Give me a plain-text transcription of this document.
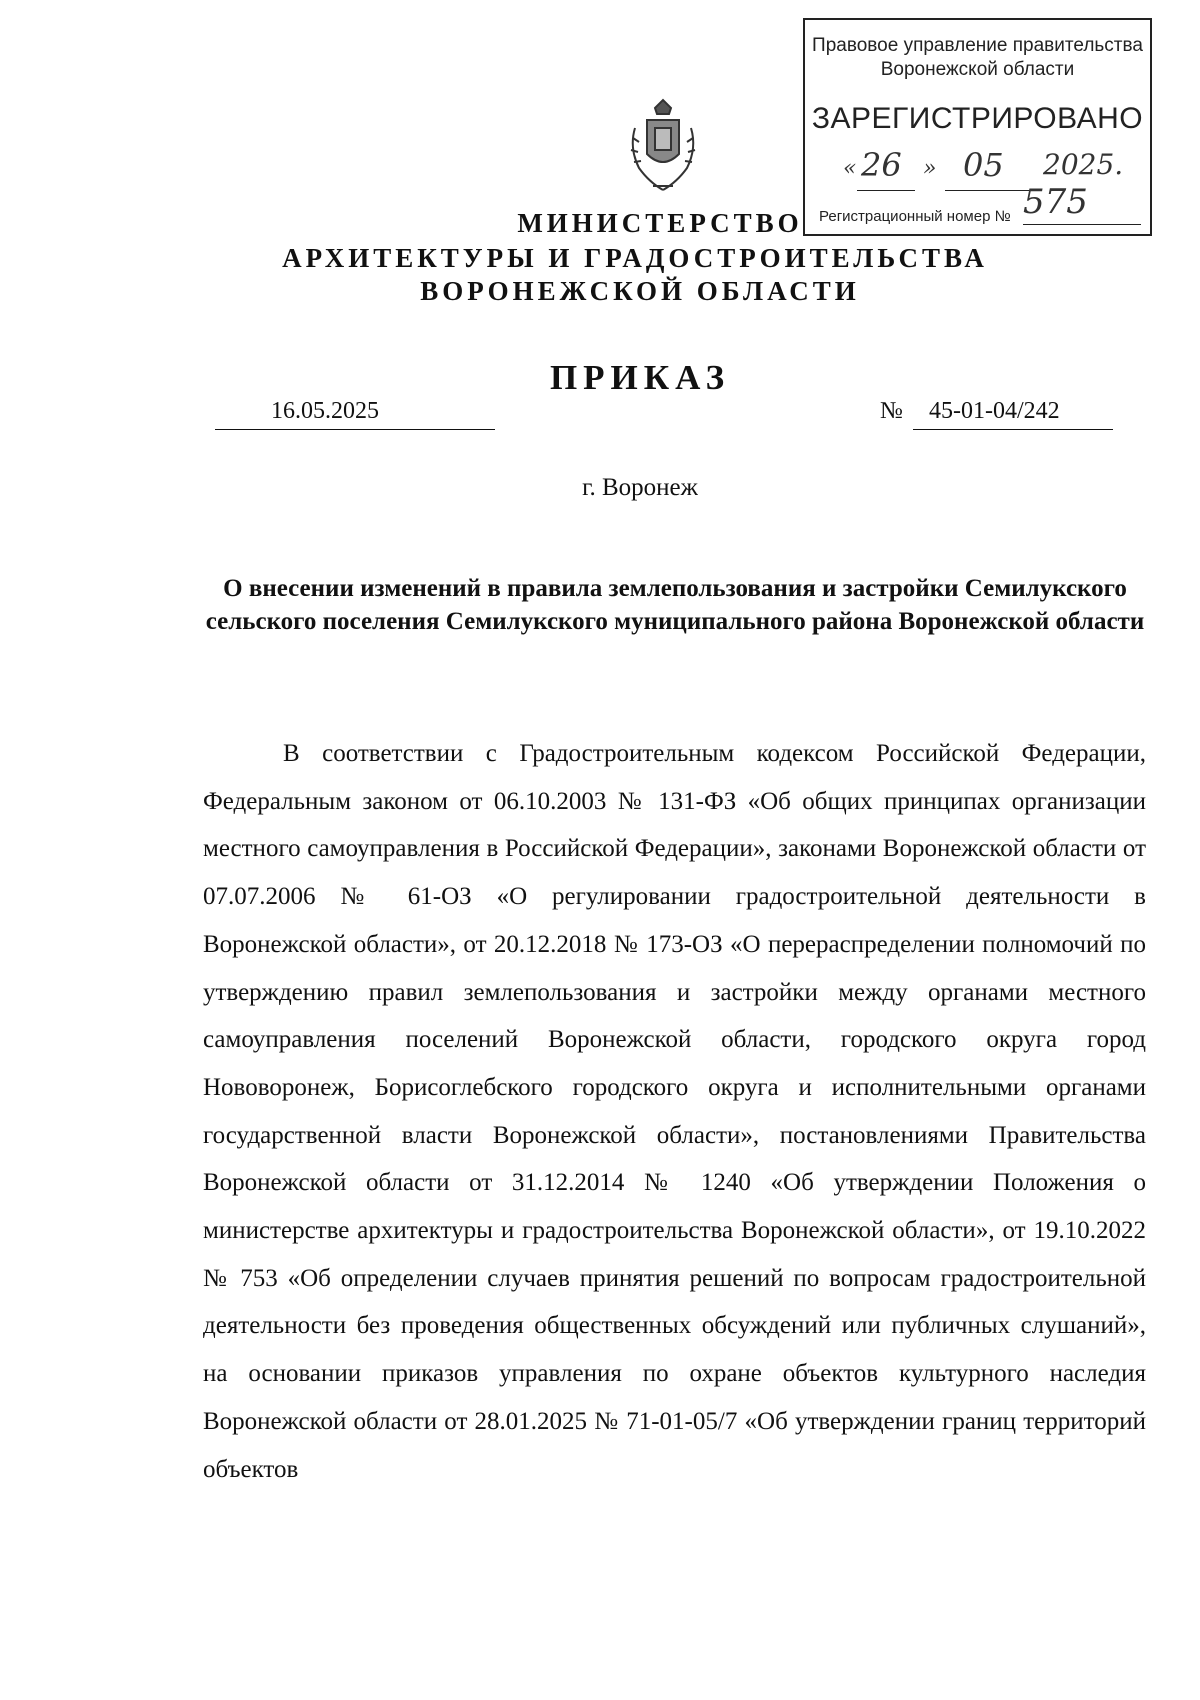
Правовое управление правительства
Воронежской области
ЗАРЕГИСТРИРОВАНО
« 26 » 05 2025.
Регистрационный номер № 575
МИНИСТЕРСТВО
АРХИТЕКТУРЫ И ГРАДОСТРОИТЕЛЬСТВА
ВОРОНЕЖСКОЙ ОБЛАСТИ
ПРИКАЗ
16.05.2025	№	45-01-04/242
г. Воронеж
О внесении изменений в правила землепользования и застройки Семилукского сельского поселения Семилукского муниципального района Воронежской области
В соответствии с Градостроительным кодексом Российской Федерации, Федеральным законом от 06.10.2003 № 131-ФЗ «Об общих принципах организации местного самоуправления в Российской Федерации», законами Воронежской области от 07.07.2006 № 61-ОЗ «О регулировании градостроительной деятельности в Воронежской области», от 20.12.2018 № 173-ОЗ «О перераспределении полномочий по утверждению правил землепользования и застройки между органами местного самоуправления поселений Воронежской области, городского округа город Нововоронеж, Борисоглебского городского округа и исполнительными органами государственной власти Воронежской области», постановлениями Правительства Воронежской области от 31.12.2014 № 1240 «Об утверждении Положения о министерстве архитектуры и градостроительства Воронежской области», от 19.10.2022 № 753 «Об определении случаев принятия решений по вопросам градостроительной деятельности без проведения общественных обсуждений или публичных слушаний», на основании приказов управления по охране объектов культурного наследия Воронежской области от 28.01.2025 № 71-01-05/7 «Об утверждении границ территорий объектов
